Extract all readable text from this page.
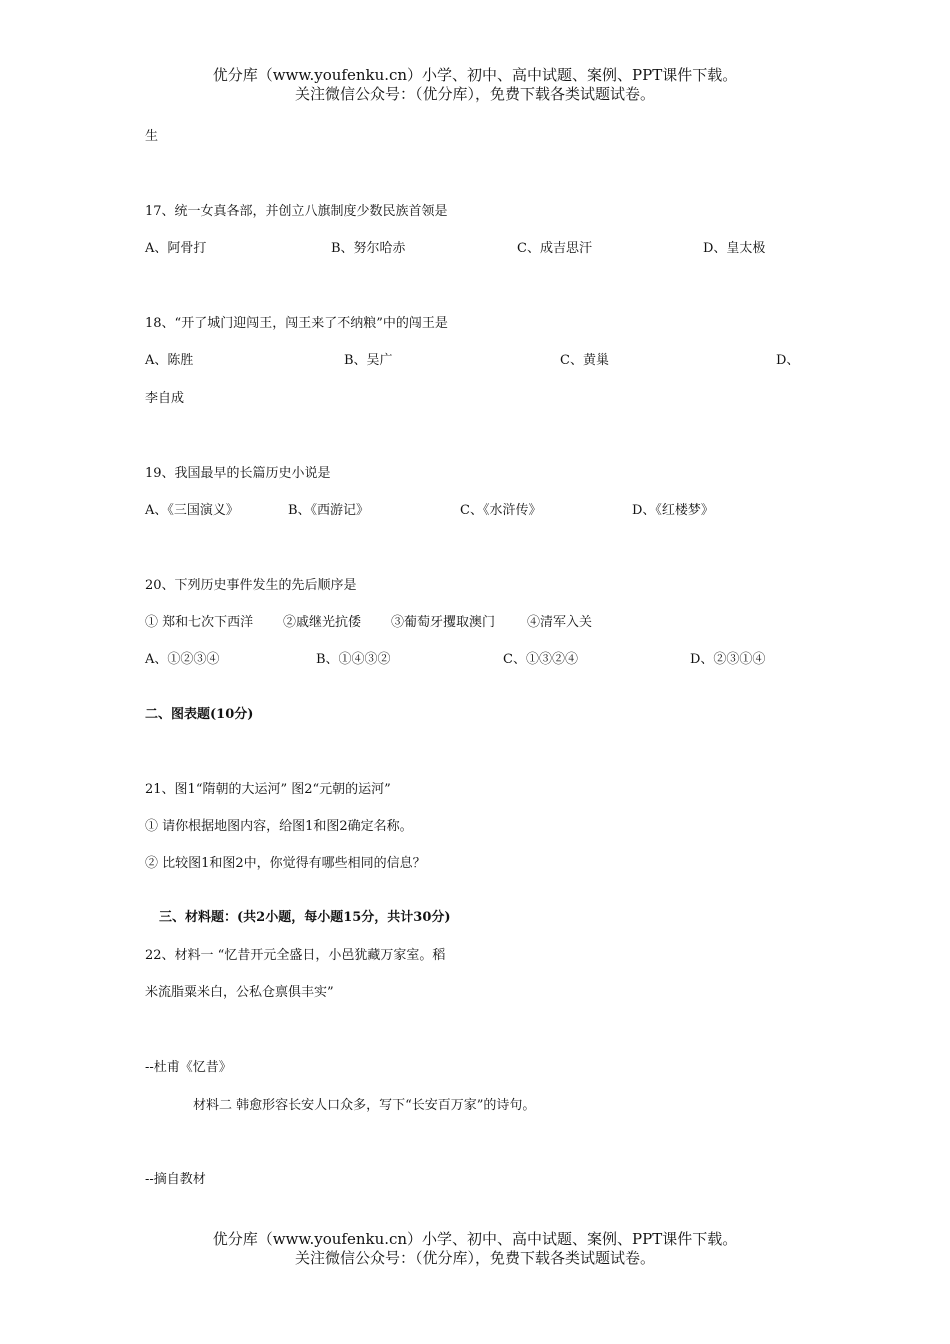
优分库（www.youfenku.cn）小学、初中、高中试题、案例、PPT课件下载。
关注微信公众号：（优分库），免费下载各类试题试卷。
生
17、统一女真各部，并创立八旗制度少数民族首领是
A、阿骨打	B、努尔哈赤	C、成吉思汗	D、皇太极
18、“开了城门迎闯王，闯王来了不纳粮”中的闯王是
A、陈胜	B、吴广	C、黄巢	D、
李自成
19、我国最早的长篇历史小说是
A、《三国演义》	B、《西游记》	C、《水浒传》	D、《红楼梦》
20、下列历史事件发生的先后顺序是
① 郑和七次下西洋 ②戚继光抗倭 ③葡萄牙攫取澳门 ④清军入关
A、①②③④	B、①④③②	C、①③②④	D、②③①④
二、图表题(10分)
21、图1“隋朝的大运河” 图2“元朝的运河”
① 请你根据地图内容，给图1和图2确定名称。
② 比较图1和图2中，你觉得有哪些相同的信息？
三、材料题：(共2小题，每小题15分，共计30分)
22、材料一 “忆昔开元全盛日，小邑犹藏万家室。稻
米流脂粟米白，公私仓禀俱丰实”
--杜甫《忆昔》
材料二 韩愈形容长安人口众多，写下“长安百万家”的诗句。
--摘自教材
优分库（www.youfenku.cn）小学、初中、高中试题、案例、PPT课件下载。
关注微信公众号：（优分库），免费下载各类试题试卷。
